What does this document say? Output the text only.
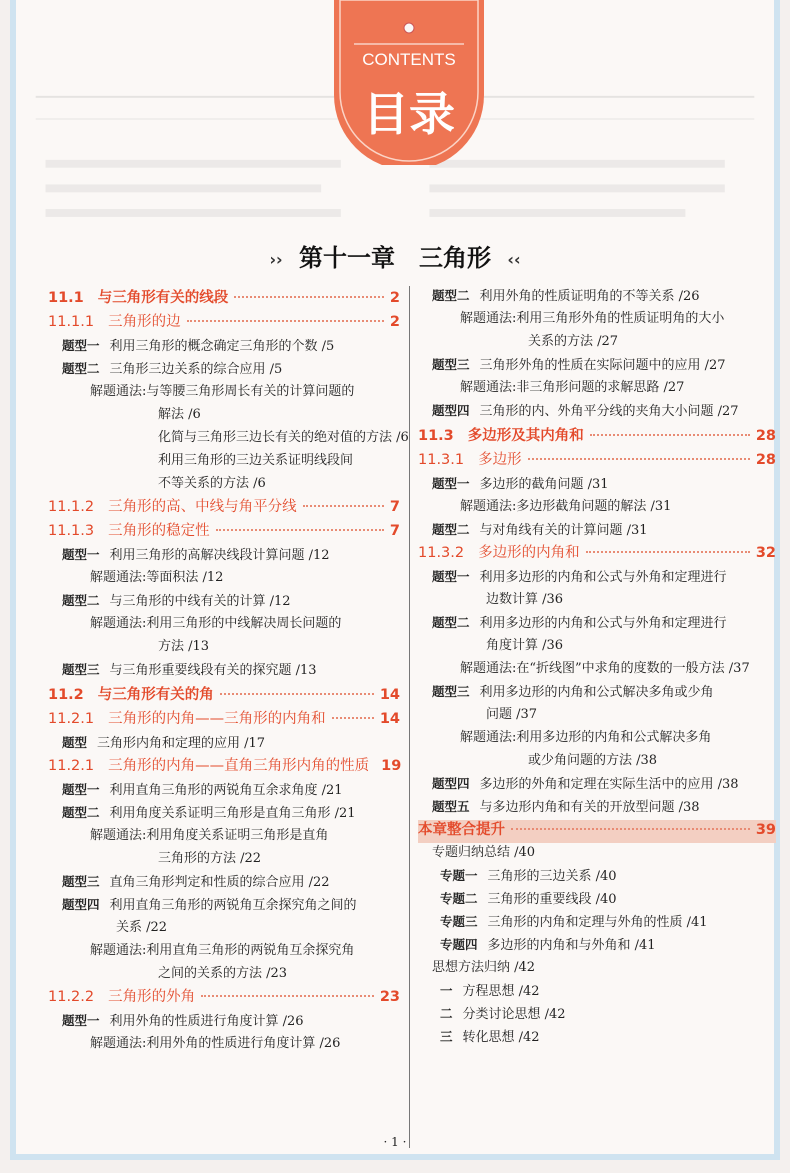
CONTENTS
目录
›› 第十一章　三角形 ‹‹
11.1 与三角形有关的线段	2
11.1.1 三角形的边	2
题型一 利用三角形的概念确定三角形的个数 /5
题型二 三角形三边关系的综合应用 /5
解题通法:与等腰三角形周长有关的计算问题的
解法 /6
化简与三角形三边长有关的绝对值的方法 /6
利用三角形的三边关系证明线段间
不等关系的方法 /6
11.1.2 三角形的高、中线与角平分线	7
11.1.3 三角形的稳定性	7
题型一 利用三角形的高解决线段计算问题 /12
解题通法:等面积法 /12
题型二 与三角形的中线有关的计算 /12
解题通法:利用三角形的中线解决周长问题的
方法 /13
题型三 与三角形重要线段有关的探究题 /13
11.2 与三角形有关的角	14
11.2.1 三角形的内角——三角形的内角和	14
题型 三角形内角和定理的应用 /17
11.2.1 三角形的内角——直角三角形内角的性质 19
题型一 利用直角三角形的两锐角互余求角度 /21
题型二 利用角度关系证明三角形是直角三角形 /21
解题通法:利用角度关系证明三角形是直角
三角形的方法 /22
题型三 直角三角形判定和性质的综合应用 /22
题型四 利用直角三角形的两锐角互余探究角之间的
关系 /22
解题通法:利用直角三角形的两锐角互余探究角
之间的关系的方法 /23
11.2.2 三角形的外角	23
题型一 利用外角的性质进行角度计算 /26
解题通法:利用外角的性质进行角度计算 /26
题型二 利用外角的性质证明角的不等关系 /26
解题通法:利用三角形外角的性质证明角的大小
关系的方法 /27
题型三 三角形外角的性质在实际问题中的应用 /27
解题通法:非三角形问题的求解思路 /27
题型四 三角形的内、外角平分线的夹角大小问题 /27
11.3 多边形及其内角和	28
11.3.1 多边形	28
题型一 多边形的截角问题 /31
解题通法:多边形截角问题的解法 /31
题型二 与对角线有关的计算问题 /31
11.3.2 多边形的内角和	32
题型一 利用多边形的内角和公式与外角和定理进行
边数计算 /36
题型二 利用多边形的内角和公式与外角和定理进行
角度计算 /36
解题通法:在“折线图”中求角的度数的一般方法 /37
题型三 利用多边形的内角和公式解决多角或少角
问题 /37
解题通法:利用多边形的内角和公式解决多角
或少角问题的方法 /38
题型四 多边形的外角和定理在实际生活中的应用 /38
题型五 与多边形内角和有关的开放型问题 /38
本章整合提升	39
专题归纳总结 /40
专题一 三角形的三边关系 /40
专题二 三角形的重要线段 /40
专题三 三角形的内角和定理与外角的性质 /41
专题四 多边形的内角和与外角和 /41
思想方法归纳 /42
一 方程思想 /42
二 分类讨论思想 /42
三 转化思想 /42
· 1 ·
